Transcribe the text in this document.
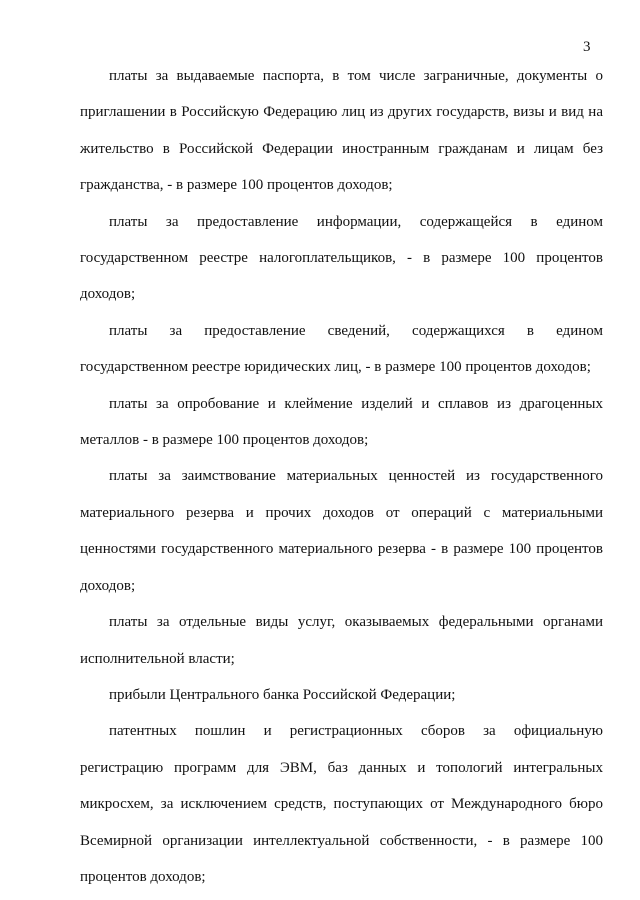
3

платы за выдаваемые паспорта, в том числе заграничные, документы о приглашении в Российскую Федерацию лиц из других государств, визы и вид на жительство в Российской Федерации иностранным гражданам и лицам без гражданства, - в размере 100 процентов доходов;

платы за предоставление информации, содержащейся в едином государственном реестре налогоплательщиков, - в размере 100 процентов доходов;

платы за предоставление сведений, содержащихся в едином государственном реестре юридических лиц, - в размере 100 процентов доходов;

платы за опробование и клеймение изделий и сплавов из драгоценных металлов - в размере 100 процентов доходов;

платы за заимствование материальных ценностей из государственного материального резерва и прочих доходов от операций с материальными ценностями государственного материального резерва - в размере 100 процентов доходов;

платы за отдельные виды услуг, оказываемых федеральными органами исполнительной власти;

прибыли Центрального банка Российской Федерации;

патентных пошлин и регистрационных сборов за официальную регистрацию программ для ЭВМ, баз данных и топологий интегральных микросхем, за исключением средств, поступающих от Международного бюро Всемирной организации интеллектуальной собственности, - в размере 100 процентов доходов;
